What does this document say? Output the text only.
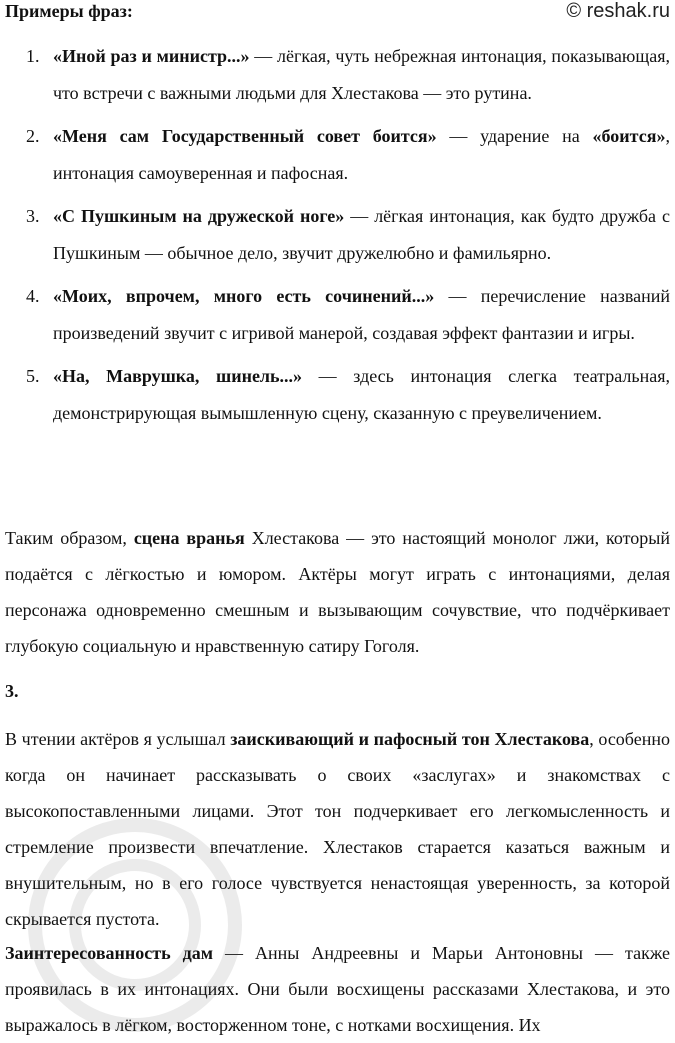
Примеры фраз:	© reshak.ru
1. «Иной раз и министр...» — лёгкая, чуть небрежная интонация, показывающая, что встречи с важными людьми для Хлестакова — это рутина.
2. «Меня сам Государственный совет боится» — ударение на «боится», интонация самоуверенная и пафосная.
3. «С Пушкиным на дружеской ноге» — лёгкая интонация, как будто дружба с Пушкиным — обычное дело, звучит дружелюбно и фамильярно.
4. «Моих, впрочем, много есть сочинений...» — перечисление названий произведений звучит с игривой манерой, создавая эффект фантазии и игры.
5. «На, Маврушка, шинель...» — здесь интонация слегка театральная, демонстрирующая вымышленную сцену, сказанную с преувеличением.

Таким образом, сцена вранья Хлестакова — это настоящий монолог лжи, который подаётся с лёгкостью и юмором. Актёры могут играть с интонациями, делая персонажа одновременно смешным и вызывающим сочувствие, что подчёркивает глубокую социальную и нравственную сатиру Гоголя.

3.

В чтении актёров я услышал заискивающий и пафосный тон Хлестакова, особенно когда он начинает рассказывать о своих «заслугах» и знакомствах с высокопоставленными лицами. Этот тон подчеркивает его легкомысленность и стремление произвести впечатление. Хлестаков старается казаться важным и внушительным, но в его голосе чувствуется ненастоящая уверенность, за которой скрывается пустота.

Заинтересованность дам — Анны Андреевны и Марьи Антоновны — также проявилась в их интонациях. Они были восхищены рассказами Хлестакова, и это выражалось в лёгком, восторженном тоне, с нотками восхищения. Их
